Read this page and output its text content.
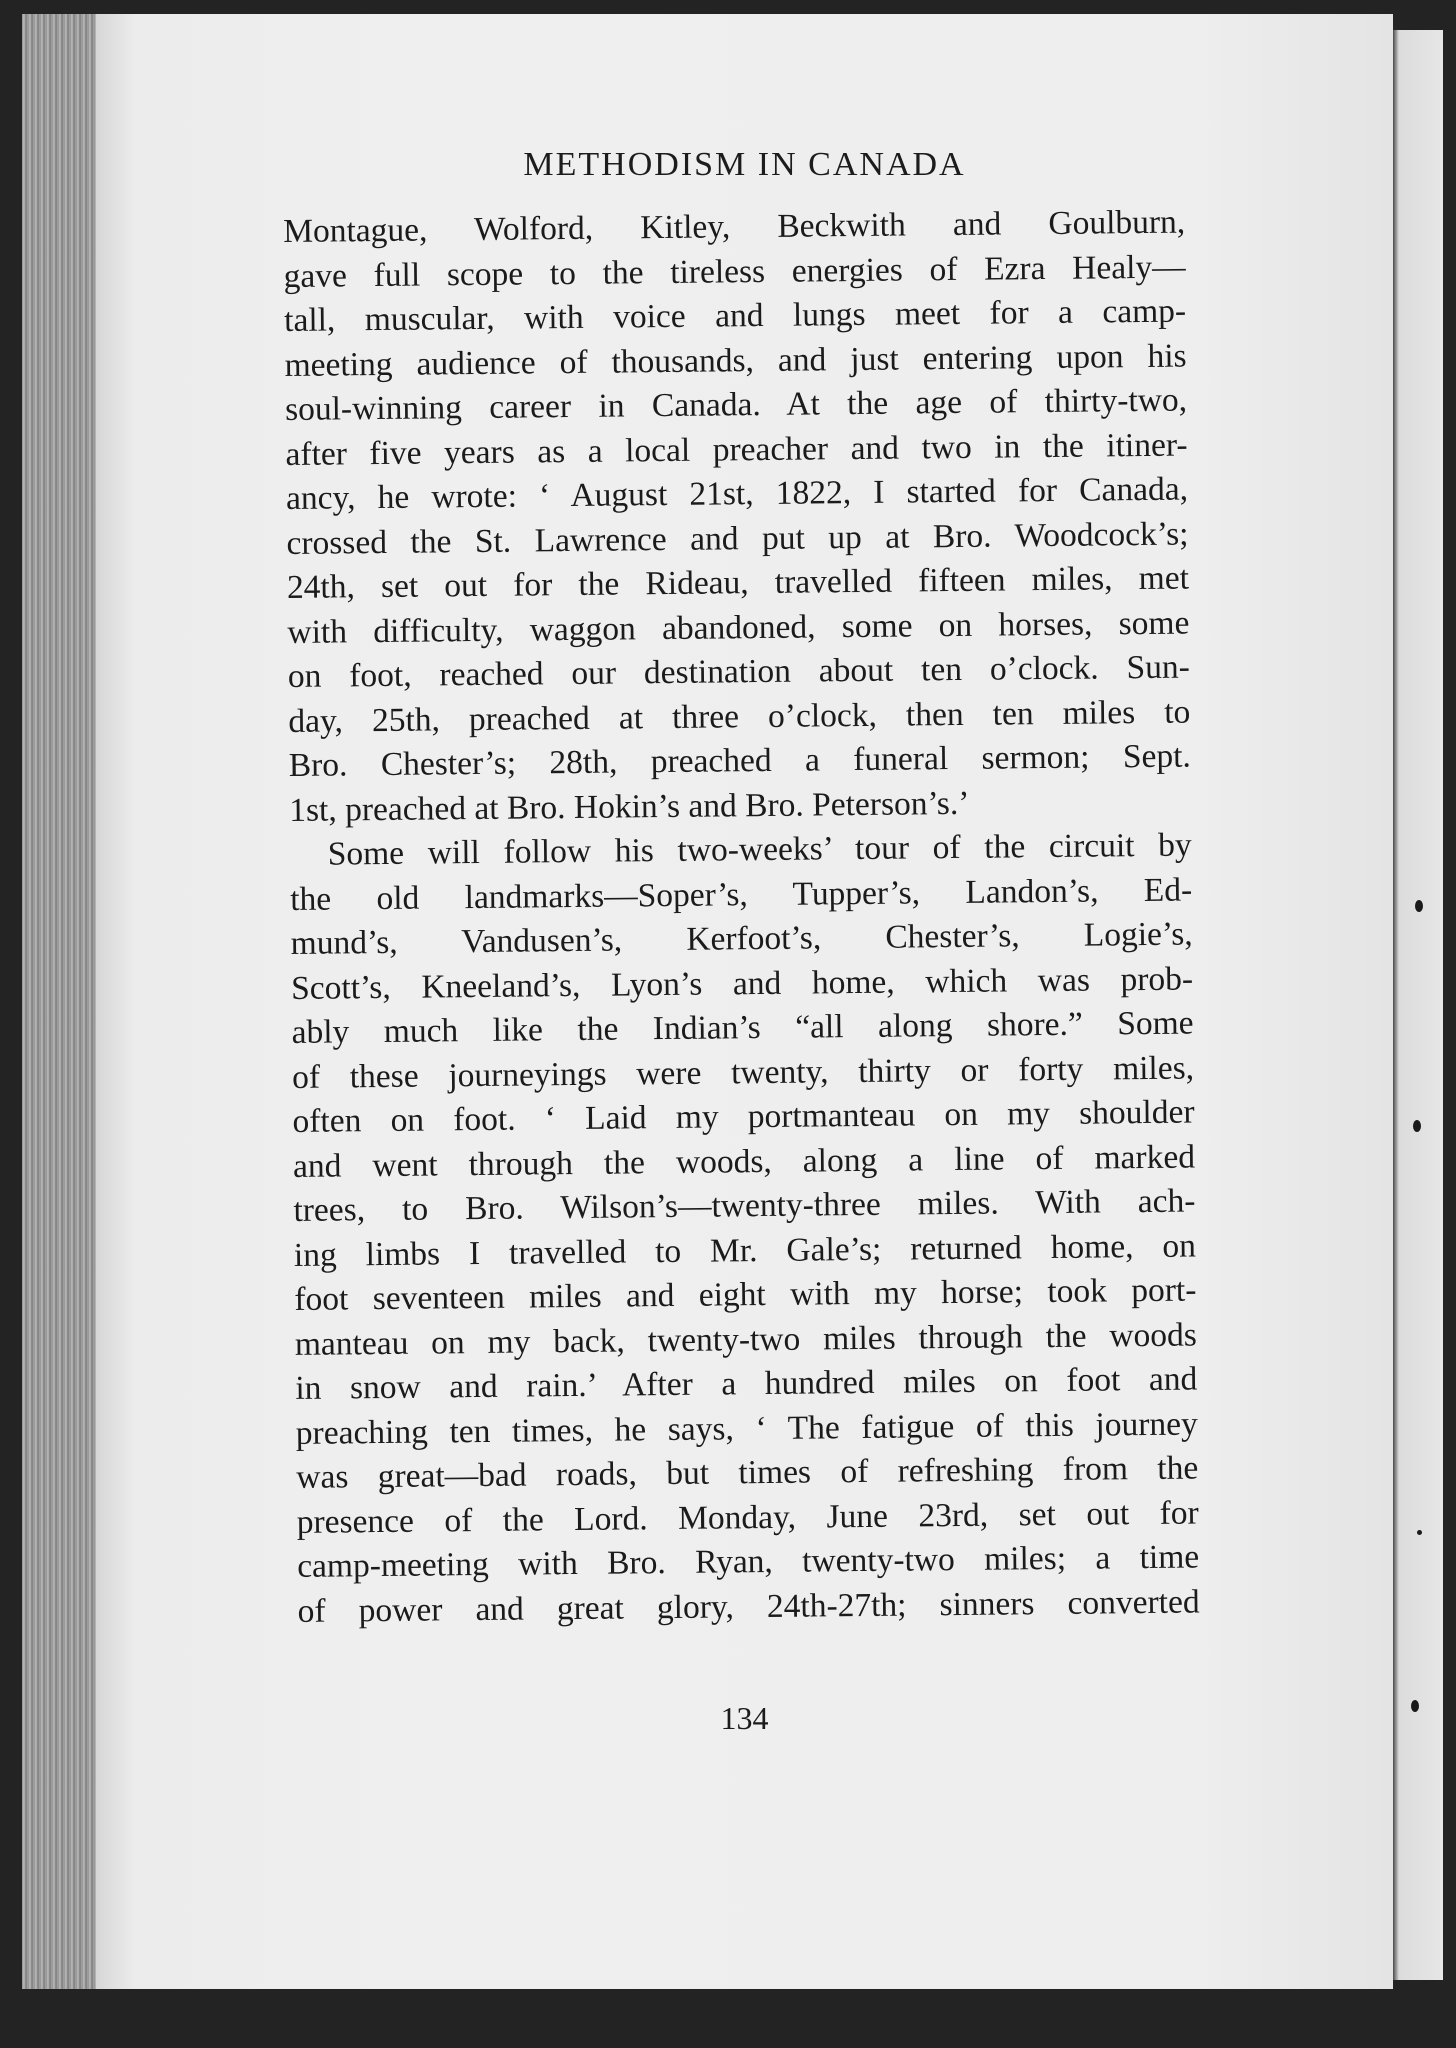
METHODISM IN CANADA
Montague, Wolford, Kitley, Beckwith and Goulburn,
gave full scope to the tireless energies of Ezra Healy—
tall, muscular, with voice and lungs meet for a camp-
meeting audience of thousands, and just entering upon his
soul-winning career in Canada. At the age of thirty-two,
after five years as a local preacher and two in the itiner-
ancy, he wrote: ‘ August 21st, 1822, I started for Canada,
crossed the St. Lawrence and put up at Bro. Woodcock’s;
24th, set out for the Rideau, travelled fifteen miles, met
with difficulty, waggon abandoned, some on horses, some
on foot, reached our destination about ten o’clock. Sun-
day, 25th, preached at three o’clock, then ten miles to
Bro. Chester’s; 28th, preached a funeral sermon; Sept.
1st, preached at Bro. Hokin’s and Bro. Peterson’s.’
Some will follow his two-weeks’ tour of the circuit by
the old landmarks—Soper’s, Tupper’s, Landon’s, Ed-
mund’s, Vandusen’s, Kerfoot’s, Chester’s, Logie’s,
Scott’s, Kneeland’s, Lyon’s and home, which was prob-
ably much like the Indian’s “all along shore.” Some
of these journeyings were twenty, thirty or forty miles,
often on foot. ‘ Laid my portmanteau on my shoulder
and went through the woods, along a line of marked
trees, to Bro. Wilson’s—twenty-three miles. With ach-
ing limbs I travelled to Mr. Gale’s; returned home, on
foot seventeen miles and eight with my horse; took port-
manteau on my back, twenty-two miles through the woods
in snow and rain.’ After a hundred miles on foot and
preaching ten times, he says, ‘ The fatigue of this journey
was great—bad roads, but times of refreshing from the
presence of the Lord. Monday, June 23rd, set out for
camp-meeting with Bro. Ryan, twenty-two miles; a time
of power and great glory, 24th-27th; sinners converted
134
